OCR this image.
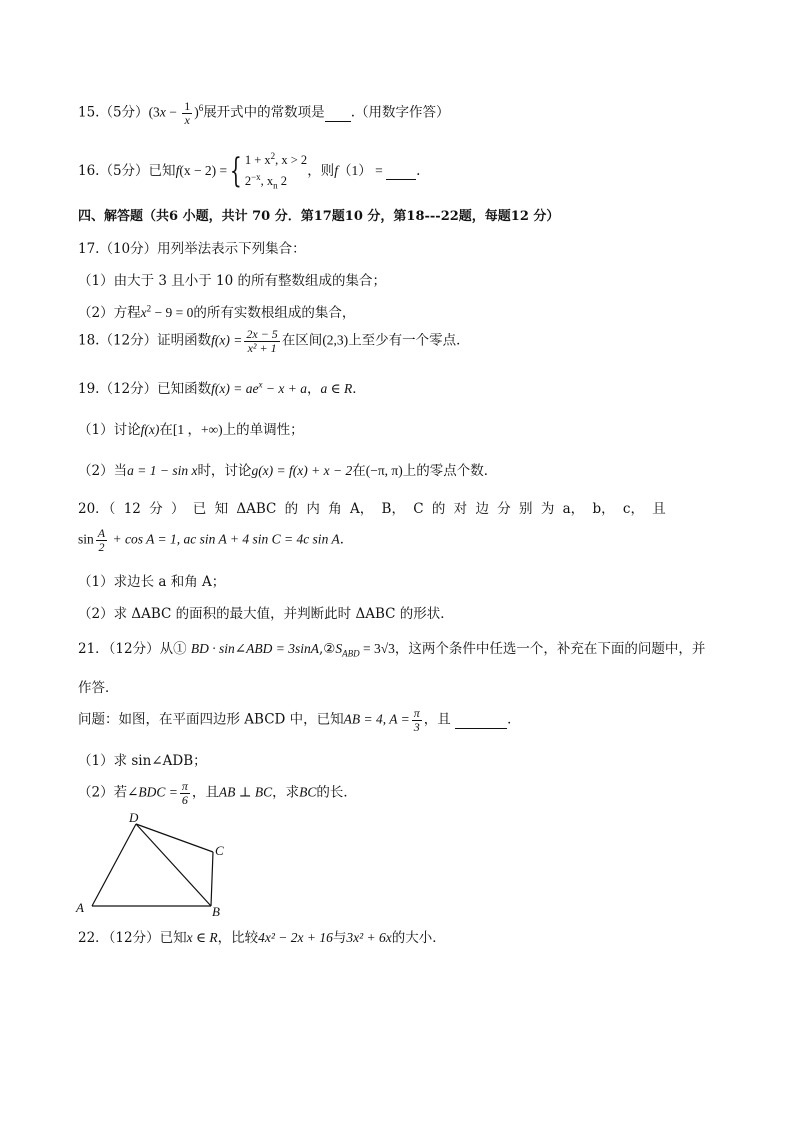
15.（5分）$(3x - \frac{1}{x} )^6$展开式中的常数项是 .（用数字作答）
16.（5分）已知f(x − 2) ={ $1 + x^2$, x > 2
$2^{-x}$, $x_n$ 2
，则f（1） = .
四、解答题（共6 小题，共计 70 分．第17题10 分，第18---22题，每题12 分）
17.（10分）用列举法表示下列集合：
（1）由大于 3 且小于 10 的所有整数组成的集合；
（2）方程$x^2 - 9 = 0$的所有实数根组成的集合，
18.（12分）证明函数$f(x) = \frac{2x - 5}{\text{x² + 1}}$ 在区间(2,3)上至少有一个零点．
19.（12分）已知函数$f(x) = ae^x - x + a$，a ∈ R．
（1）讨论f(x)在[1 ，+∞)上的单调性；
（2）当a = 1 − sin x时，讨论g(x) = f(x) + x − 2在(−π, π)上的零点个数．
20．（ 12 分 ） 已 知 ΔABC 的 内 角 A， B， C 的 对 边 分 别 为 a， b， c， 且
$\sin \frac{A}{2} + \cos A = 1$, ac sin A + 4 sin C = 4c sin A．
（1）求边长 a 和角 A；
（2）求 ΔABC 的面积的最大值，并判断此时 ΔABC 的形状．
21．（12分）从① BD · sin∠ABD = $3\sin A,②S_{ABD} = 3√3$，这两个条件中任选一个，补充在下面的问题中，并
作答．
问题：如图，在平面四边形 ABCD 中，已知AB = 4, $A = \frac{\pi}{3}$ ，且	．
（1）求 sin∠ADB；
（2）若∠BDC = $\frac{\pi}{6}$ ，且AB ⊥ BC，求BC的长．
A	B
C
D
22．（12分）已知x ∈ R，比较4x² − 2x + 16与3x² + 6x的大小．
